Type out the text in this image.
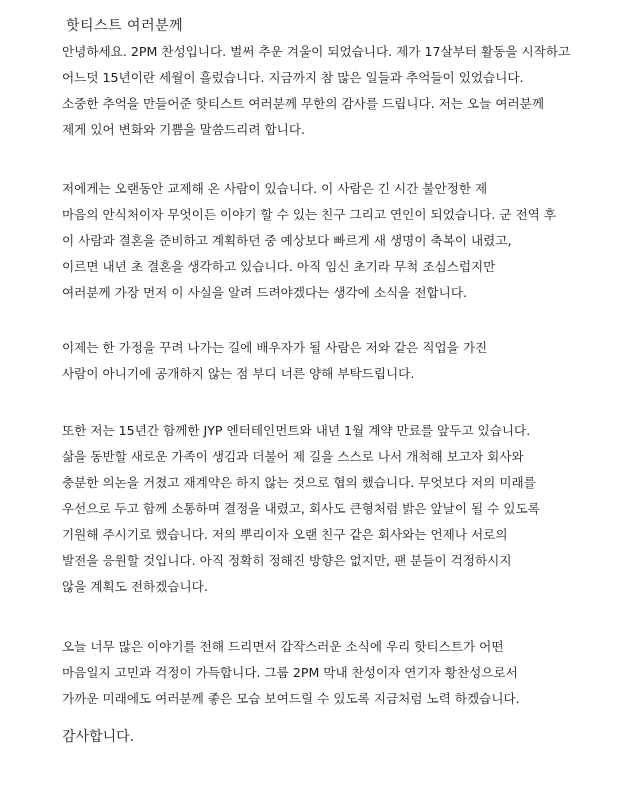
핫티스트 여러분께
안녕하세요. 2PM 찬성입니다. 벌써 추운 겨울이 되었습니다. 제가 17살부터 활동을 시작하고
어느덧 15년이란 세월이 흘렀습니다. 지금까지 참 많은 일들과 추억들이 있었습니다.
소중한 추억을 만들어준 핫티스트 여러분께 무한의 감사를 드립니다. 저는 오늘 여러분께
제게 있어 변화와 기쁨을 말씀드리려 합니다.
저에게는 오랜동안 교제해 온 사람이 있습니다. 이 사람은 긴 시간 불안정한 제
마음의 안식처이자 무엇이든 이야기 할 수 있는 친구 그리고 연인이 되었습니다. 군 전역 후
이 사람과 결혼을 준비하고 계획하던 중 예상보다 빠르게 새 생명이 축복이 내렸고,
이르면 내년 초 결혼을 생각하고 있습니다. 아직 임신 초기라 무척 조심스럽지만
여러분께 가장 먼저 이 사실을 알려 드려야겠다는 생각에 소식을 전합니다.
이제는 한 가정을 꾸려 나가는 길에 배우자가 될 사람은 저와 같은 직업을 가진
사람이 아니기에 공개하지 않는 점 부디 너른 양해 부탁드립니다.
또한 저는 15년간 함께한 JYP 엔터테인먼트와 내년 1월 계약 만료를 앞두고 있습니다.
삶을 동반할 새로운 가족이 생김과 더불어 제 길을 스스로 나서 개척해 보고자 회사와
충분한 의논을 거쳤고 재계약은 하지 않는 것으로 협의 했습니다. 무엇보다 저의 미래를
우선으로 두고 함께 소통하며 결정을 내렸고, 회사도 큰형처럼 밝은 앞날이 될 수 있도록
기원해 주시기로 했습니다. 저의 뿌리이자 오랜 친구 같은 회사와는 언제나 서로의
발전을 응원할 것입니다. 아직 정확히 정해진 방향은 없지만, 팬 분들이 걱정하시지
않을 계획도 전하겠습니다.
오늘 너무 많은 이야기를 전해 드리면서 갑작스러운 소식에 우리 핫티스트가 어떤
마음일지 고민과 걱정이 가득합니다. 그룹 2PM 막내 찬성이자 연기자 황찬성으로서
가까운 미래에도 여러분께 좋은 모습 보여드릴 수 있도록 지금처럼 노력 하겠습니다.
감사합니다.
